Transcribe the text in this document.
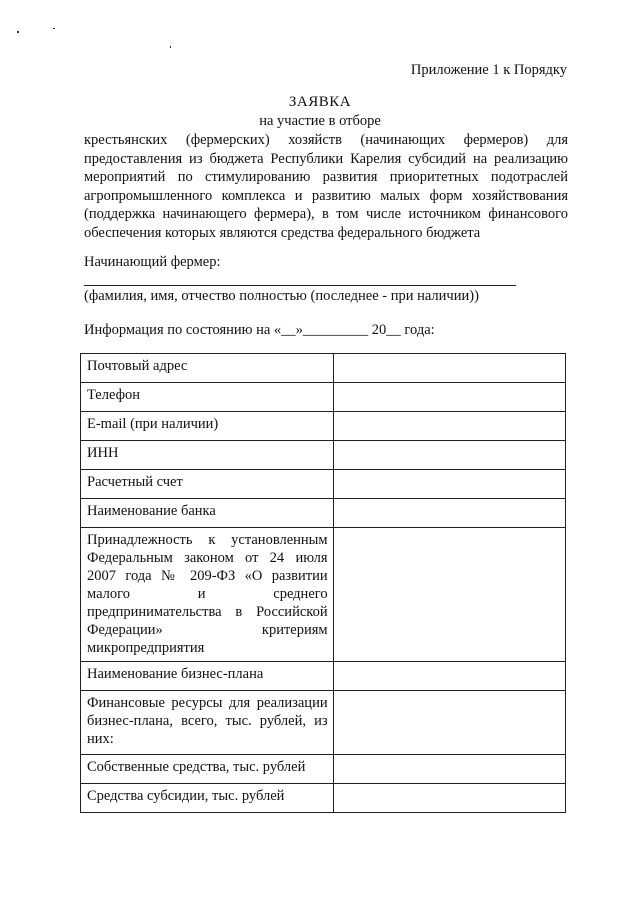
Приложение 1 к Порядку
ЗАЯВКА
на участие в отборе
крестьянских (фермерских) хозяйств (начинающих фермеров) для предоставления из бюджета Республики Карелия субсидий на реализацию мероприятий по стимулированию развития приоритетных подотраслей агропромышленного комплекса и развитию малых форм хозяйствования (поддержка начинающего фермера), в том числе источником финансового обеспечения которых являются средства федерального бюджета
Начинающий фермер:
(фамилия, имя, отчество полностью (последнее - при наличии))
Информация по состоянию на «__»_________ 20__ года:
Почтовый адрес	
Телефон	
E-mail (при наличии)	
ИНН	
Расчетный счет	
Наименование банка	
Принадлежность к установленным Федеральным законом от 24 июля 2007 года № 209-ФЗ «О развитии малого и среднего предпринимательства в Российской Федерации» критериям микропредприятия	
Наименование бизнес-плана	
Финансовые ресурсы для реализации бизнес-плана, всего, тыс. рублей, из них:	
Собственные средства, тыс. рублей	
Средства субсидии, тыс. рублей	
